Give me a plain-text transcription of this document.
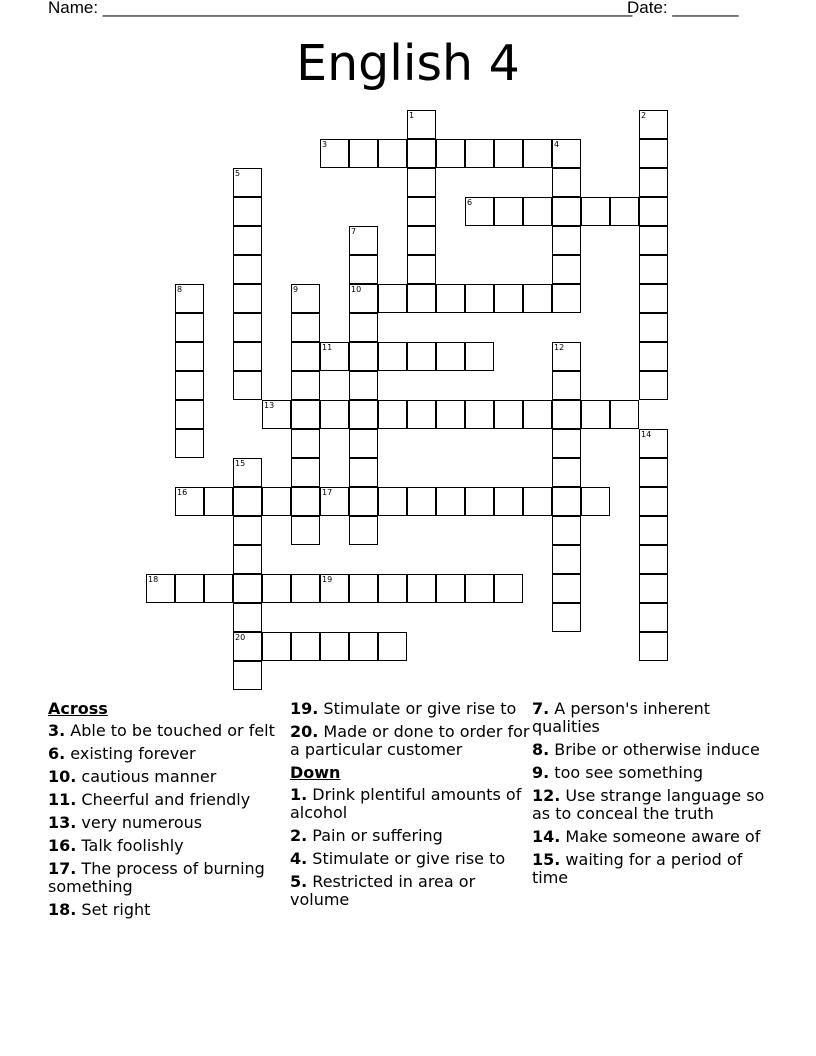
Name: ________________________________________________________
Date: _______
English 4
1	2
3	4
5
6
7
10
8	9
11	12
13
14
15
20
16	17
18	19
Across
3. Able to be touched or felt
6. existing forever
10. cautious manner
11. Cheerful and friendly
13. very numerous
16. Talk foolishly
17. The process of burning something
18. Set right
19. Stimulate or give rise to
20. Made or done to order for a particular customer
Down
1. Drink plentiful amounts of alcohol
2. Pain or suffering
4. Stimulate or give rise to
5. Restricted in area or volume
7. A person's inherent qualities
8. Bribe or otherwise induce
9. too see something
12. Use strange language so as to conceal the truth
14. Make someone aware of
15. waiting for a period of time
